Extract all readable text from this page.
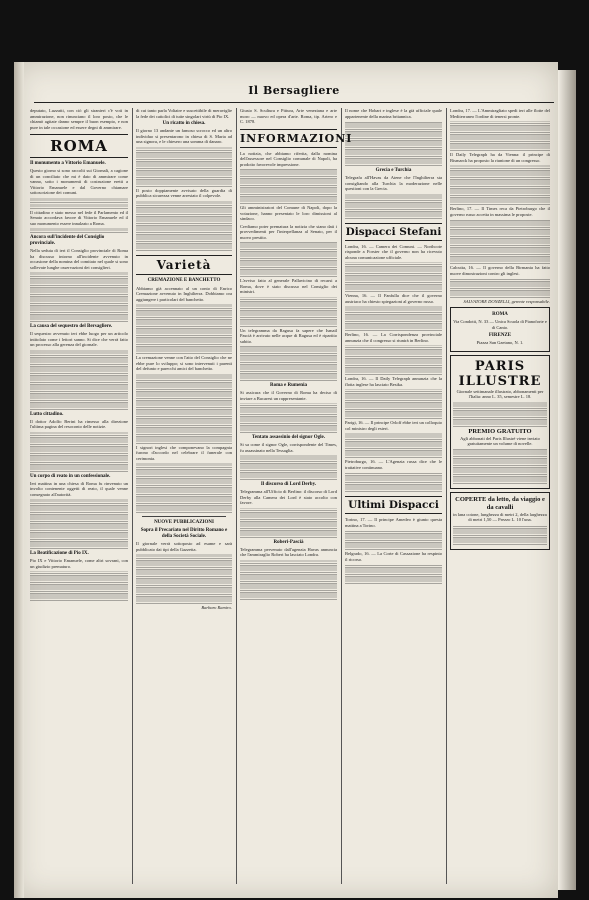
Il Bersagliere

deputato, Luzzatti, con ciò gli stranieri c'è voti in ammirazione, non rinunciano il loro posto, che le chiamò agitate danno sempre il buon esempio, e non pure in tale occasione ed essere degni di ammirare.

ROMA

Il monumento a Vittorio Emanuele.

Questo giorno si sono raccolti sui Giornali, a cagione di un conciliato che mi è dato di ammirare come vanno, sotto i monumenti di costruzione eretti a Vittorio Emanuele e dal Governo chiamare sottoscrizione dei comuni.

Il cittadino e stato messo nel fede il Parlamento ed il Senato accordava favore di Vittorio Emanuele ed il suo monumento essere innalzato a Roma.

Ancora sull'incidente del Consiglio provinciale.

Nella seduta di ieri il Consiglio provinciale di Roma ha discusso intorno all'incidente avvenuto in occasione della nomina del comitato nel quale si sono sollevate lunghe osservazioni dei consiglieri.

La causa del sequestro del Bersagliere.

Il sequestro avvenuto ieri ebbe luogo per un articolo intitolato come i lettori sanno. Si dice che verrà fatto un processo alla gerenza del giornale.

Lutto cittadino.

Il dottor Adolfo Berini ha rimesso alla direzione l'ultima pagina del resoconto delle notizie.

Un corpo di reato in un confessionale.

Ieri mattina in una chiesa di Roma fu rinvenuto un involto contenente oggetti di reato, il quale venne consegnato all'autorità.

La Beatificazione di Pio IX.

Pio IX e Vittorio Emanuele, come altri sovrani, con un giudizio prematuro.

di cui tanto parla Voltaire e suscettibile di meraviglie la fede dei cattolici di tutte singolari virtù di Pio IX.

Un ricatto in chiesa.

Il giorno 13 andante un famoso scrocco ed un altro individuo si presentarono in chiesa di S. Maria ad una signora, e le chiesero una somma di danaro.

Il posto doppiamente avvisato della guardia di pubblica sicurezza venne arrestato il colpevole.

Varietà

CREMAZIONE E BANCHETTO

Abbiamo già accennato al un conto di Enrico Cremazione avvenuto in Inghilterra. Dobbiamo ora aggiungere i particolari del banchetto.

La cremazione venne con l'atto del Consiglio che ne ebbe pure lo sviluppo; si sono intervenuti i parenti del defunto e parecchi amici del banchetto.

I signori inglesi che componevano la compagnia furono d'accordo nel celebrare il funerale con cerimonia.

NUOVE PUBBLICAZIONI

Sopra il Precariato nel Diritto Romano e della Società Sociale.

Il giornale verrà sottoposto ad esame e sarà pubblicato dai tipi della Gazzetta.

Barbaro Ramiro.

Giusto S. Scultura e Pittura, Arte veneziana e arte moro — nuovo ed opera d'arte. Roma, tip. Artero e C. 1878.

INFORMAZIONI

La notizia, che abbiamo riferita, dalla nomina dell'assessore nel Consiglio comunale di Napoli, ha prodotto favorevole impressione.

Gli amministratori del Comune di Napoli, dopo la votazione, hanno presentato le loro dimissioni al sindaco.

Crediamo poter prematura la notizia che siano dati i provvedimenti per l'interpellanza al Senato, per il nuovo prestito.

L'avviso fatto al generale Pallavicino di recarsi a Roma, dove è stato discusso nel Consiglio dei ministri.

Un telegramma da Ragusa fa sapere che Ismail Pascià è arrivato nelle acque di Ragusa ed è ripartito subito.

Roma e Rumenia

Si assicura che il Governo di Roma ha deciso di inviare a Bucarest un rappresentante.

Tentato assassinio del signor Ogle.

Si sa come il signor Ogle, corrispondente del Times, fu assassinato nella Tessaglia.

Il discorso di Lord Derby.

Telegramma all'Ufficio di Berlino: il discorso di Lord Derby alla Camera dei Lord è stato accolto con favore.

Roberi-Pascià

Telegramma pervenuto dall'agenzia Havas annuncia che l'ammiraglio Roberi ha lasciato Londra.

Il nome che Hobart e inglese è la già ufficiale quale appartenente della marina britannica.

Grecia e Turchia

Telegrafa all'Havas da Atene che l'Inghilterra sta consigliando alla Turchia la moderazione nelle questioni con la Grecia.

Dispacci Stefani

Londra, 16. — Camera dei Comuni. — Northcote risponde a Forster che il governo non ha ricevuto alcuna comunicazione ufficiale.

Vienna, 16. — Il Fanfulla dice che il governo austriaco ha chiesto spiegazioni al governo russo.

Berlino, 16. — La Corrispondenza provinciale annunzia che il congresso si riunirà in Berlino.

Londra, 16. — Il Daily Telegraph annunzia che la flotta inglese ha lasciato Besika.

Parigi, 16. — Il principe Orloff ebbe ieri un colloquio col ministro degli esteri.

Pietroburgo, 16. — L'Agenzia russa dice che le trattative continuano.

Ultimi Dispacci

Torino, 17. — Il principe Amedeo è giunto questa mattina a Torino.

Belgrado, 16. — La Corte di Cassazione ha respinto il ricorso.

Londra, 17. — L'Ammiragliato spedi ieri alle flotte del Mediterraneo l'ordine di tenersi pronte.

Il Daily Telegraph ha da Vienna: il principe di Bismarck ha proposto la riunione di un congresso.

Berlino, 17. — Il Times reca da Pietroburgo che il governo russo accetta in massima le proposte.

Calcutta, 16. — Il governo della Birmania ha fatto nuove dimostrazioni contro gli inglesi.

SALVATORE DONZELLI, gerente responsabile.

ROMA
Via Condotti, N. 33 — Unica Scuola di Pianoforte e di Canto.
FIRENZE
Piazza San Gaetano, N. 1.
PARIS ILLUSTRE
Giornale settimanale illustrato, abbonamenti per l'Italia: anno L. 35, semestre L. 18.
PREMIO GRATUITO
Agli abbonati del Paris Illustré viene inviato gratuitamente un volume di novelle.
COPERTE da letto, da viaggio e da cavalli
in lana cotone, lunghezza di metri 2, della larghezza di metri 1,50 — Prezzo L. 10 l'una.
